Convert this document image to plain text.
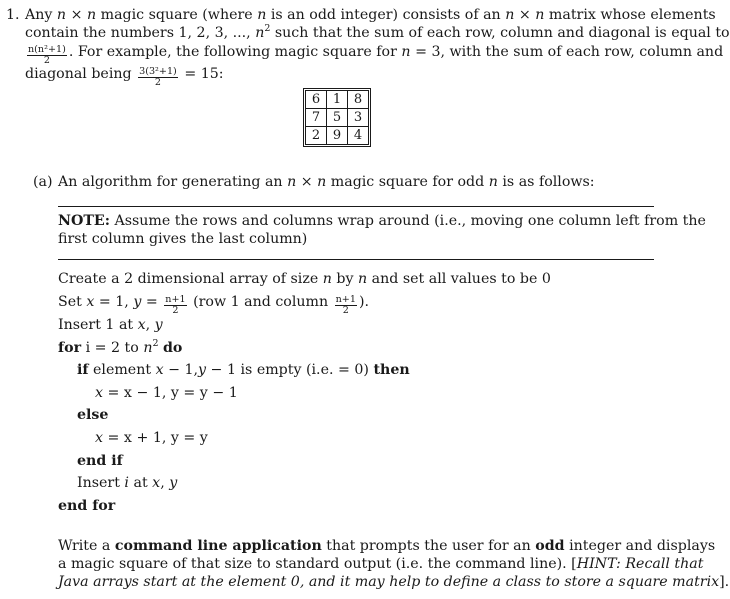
1. Any n × n magic square (where n is an odd integer) consists of an n × n matrix whose elements
contain the numbers 1, 2, 3, ..., $n^2$ such that the sum of each row, column and diagonal is equal to
$\frac{\text{n(n²+1)}}{2}$ . For example, the following magic square for n = 3, with the sum of each row, column and
diagonal being $\frac{\text{3(3²+1)}}{2} = 15$:
6	1	8
7	5	3
2	9	4
(a) An algorithm for generating an n × n magic square for odd n is as follows:
NOTE: Assume the rows and columns wrap around (i.e., moving one column left from the
first column gives the last column)
Create a 2 dimensional array of size n by n and set all values to be 0
Set x = 1, $y = \frac{n+1}{2} (row$ 1 and column $\frac{n+1}{2}$ ).
Insert 1 at x, y
for i = 2 to $n^2$ do
if element x − 1,y − 1 is empty (i.e. = 0) then
x = x − 1, y = y − 1
else
x = x + 1, y = y
end if
Insert i at x, y
end for
Write a command line application that prompts the user for an odd integer and displays
a magic square of that size to standard output (i.e. the command line). [HINT: Recall that
Java arrays start at the element 0, and it may help to define a class to store a square matrix].
